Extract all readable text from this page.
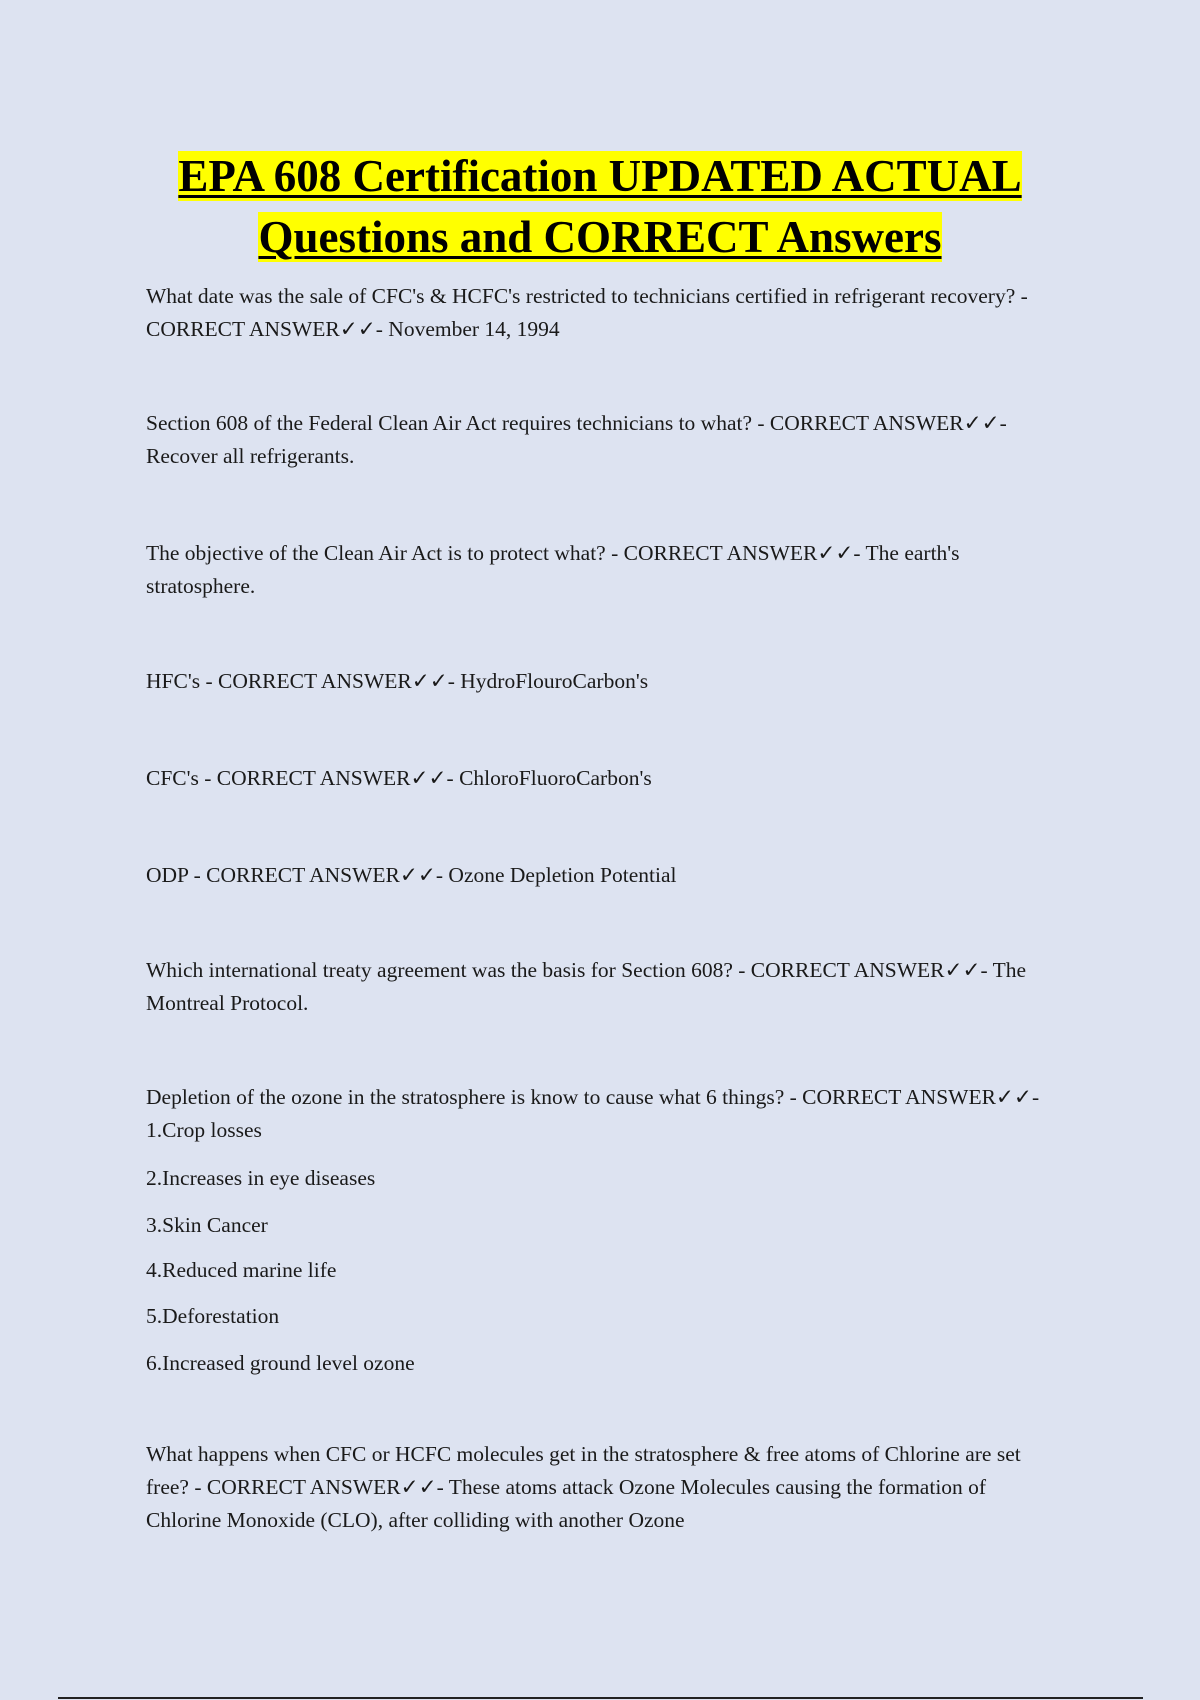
EPA 608 Certification UPDATED ACTUAL
Questions and CORRECT Answers
What date was the sale of CFC's & HCFC's restricted to technicians certified in refrigerant recovery? - CORRECT ANSWER✓✓- November 14, 1994
Section 608 of the Federal Clean Air Act requires technicians to what? - CORRECT ANSWER✓✓- Recover all refrigerants.
The objective of the Clean Air Act is to protect what? - CORRECT ANSWER✓✓- The earth's stratosphere.
HFC's - CORRECT ANSWER✓✓- HydroFlouroCarbon's
CFC's - CORRECT ANSWER✓✓- ChloroFluoroCarbon's
ODP - CORRECT ANSWER✓✓- Ozone Depletion Potential
Which international treaty agreement was the basis for Section 608? - CORRECT ANSWER✓✓- The Montreal Protocol.
Depletion of the ozone in the stratosphere is know to cause what 6 things? - CORRECT ANSWER✓✓- 1.Crop losses
2.Increases in eye diseases
3.Skin Cancer
4.Reduced marine life
5.Deforestation
6.Increased ground level ozone
What happens when CFC or HCFC molecules get in the stratosphere & free atoms of Chlorine are set free? - CORRECT ANSWER✓✓- These atoms attack Ozone Molecules causing the formation of Chlorine Monoxide (CLO), after colliding with another Ozone
